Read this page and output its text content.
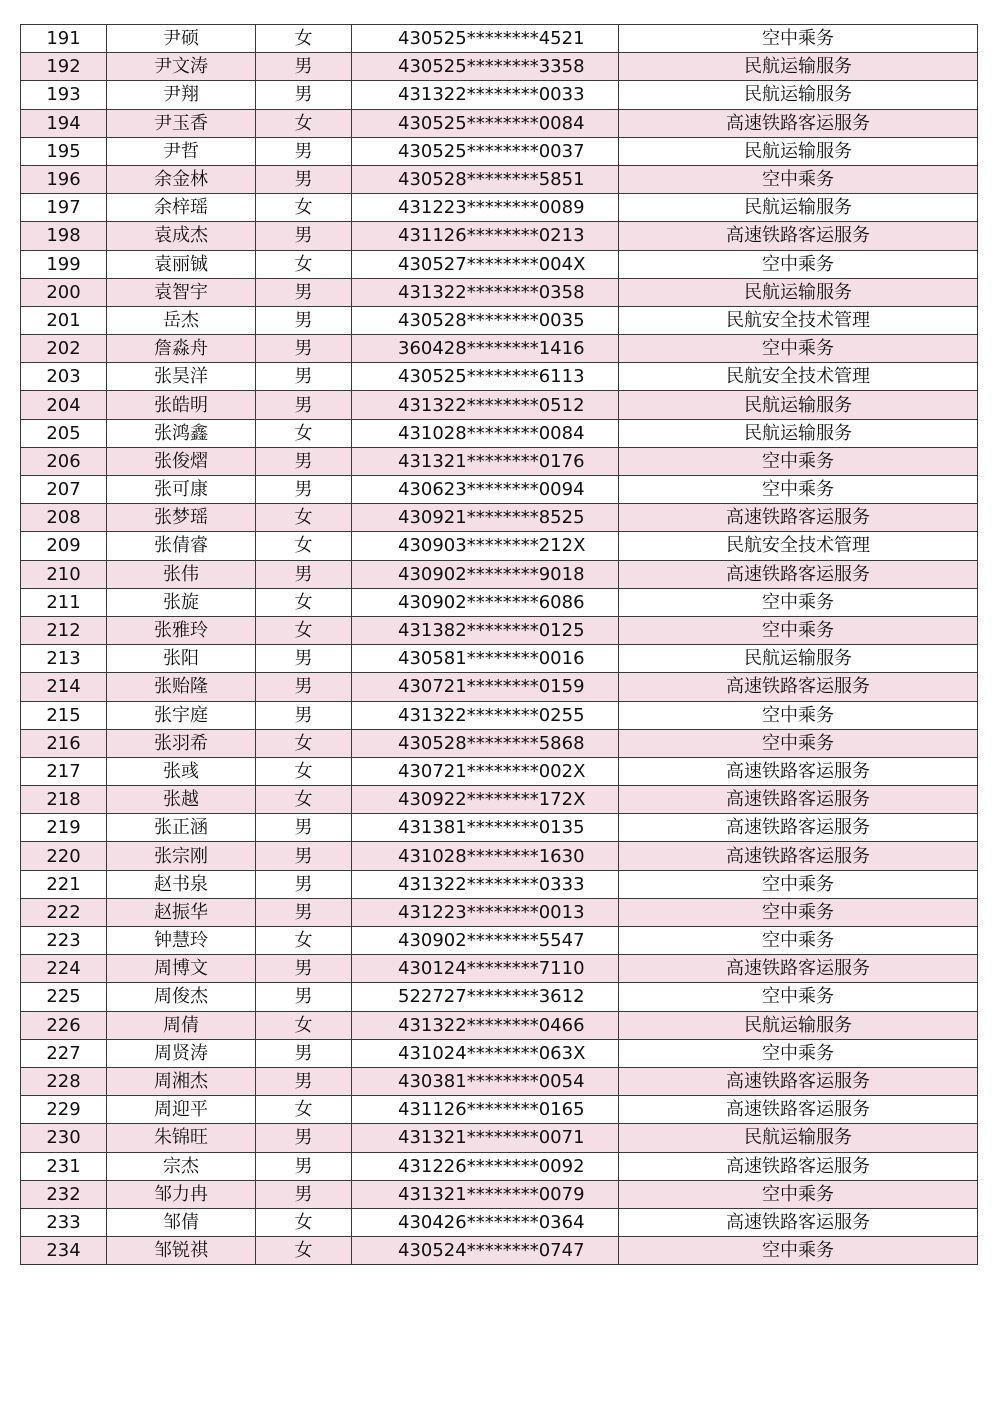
191	尹硕	女	430525********4521	空中乘务
192	尹文涛	男	430525********3358	民航运输服务
193	尹翔	男	431322********0033	民航运输服务
194	尹玉香	女	430525********0084	高速铁路客运服务
195	尹哲	男	430525********0037	民航运输服务
196	余金林	男	430528********5851	空中乘务
197	余梓瑶	女	431223********0089	民航运输服务
198	袁成杰	男	431126********0213	高速铁路客运服务
199	袁丽铖	女	430527********004X	空中乘务
200	袁智宇	男	431322********0358	民航运输服务
201	岳杰	男	430528********0035	民航安全技术管理
202	詹淼舟	男	360428********1416	空中乘务
203	张昊洋	男	430525********6113	民航安全技术管理
204	张皓明	男	431322********0512	民航运输服务
205	张鸿鑫	女	431028********0084	民航运输服务
206	张俊熠	男	431321********0176	空中乘务
207	张可康	男	430623********0094	空中乘务
208	张梦瑶	女	430921********8525	高速铁路客运服务
209	张倩睿	女	430903********212X	民航安全技术管理
210	张伟	男	430902********9018	高速铁路客运服务
211	张旋	女	430902********6086	空中乘务
212	张雅玲	女	431382********0125	空中乘务
213	张阳	男	430581********0016	民航运输服务
214	张贻隆	男	430721********0159	高速铁路客运服务
215	张宇庭	男	431322********0255	空中乘务
216	张羽希	女	430528********5868	空中乘务
217	张彧	女	430721********002X	高速铁路客运服务
218	张越	女	430922********172X	高速铁路客运服务
219	张正涵	男	431381********0135	高速铁路客运服务
220	张宗刚	男	431028********1630	高速铁路客运服务
221	赵书泉	男	431322********0333	空中乘务
222	赵振华	男	431223********0013	空中乘务
223	钟慧玲	女	430902********5547	空中乘务
224	周博文	男	430124********7110	高速铁路客运服务
225	周俊杰	男	522727********3612	空中乘务
226	周倩	女	431322********0466	民航运输服务
227	周贤涛	男	431024********063X	空中乘务
228	周湘杰	男	430381********0054	高速铁路客运服务
229	周迎平	女	431126********0165	高速铁路客运服务
230	朱锦旺	男	431321********0071	民航运输服务
231	宗杰	男	431226********0092	高速铁路客运服务
232	邹力冉	男	431321********0079	空中乘务
233	邹倩	女	430426********0364	高速铁路客运服务
234	邹锐祺	女	430524********0747	空中乘务
